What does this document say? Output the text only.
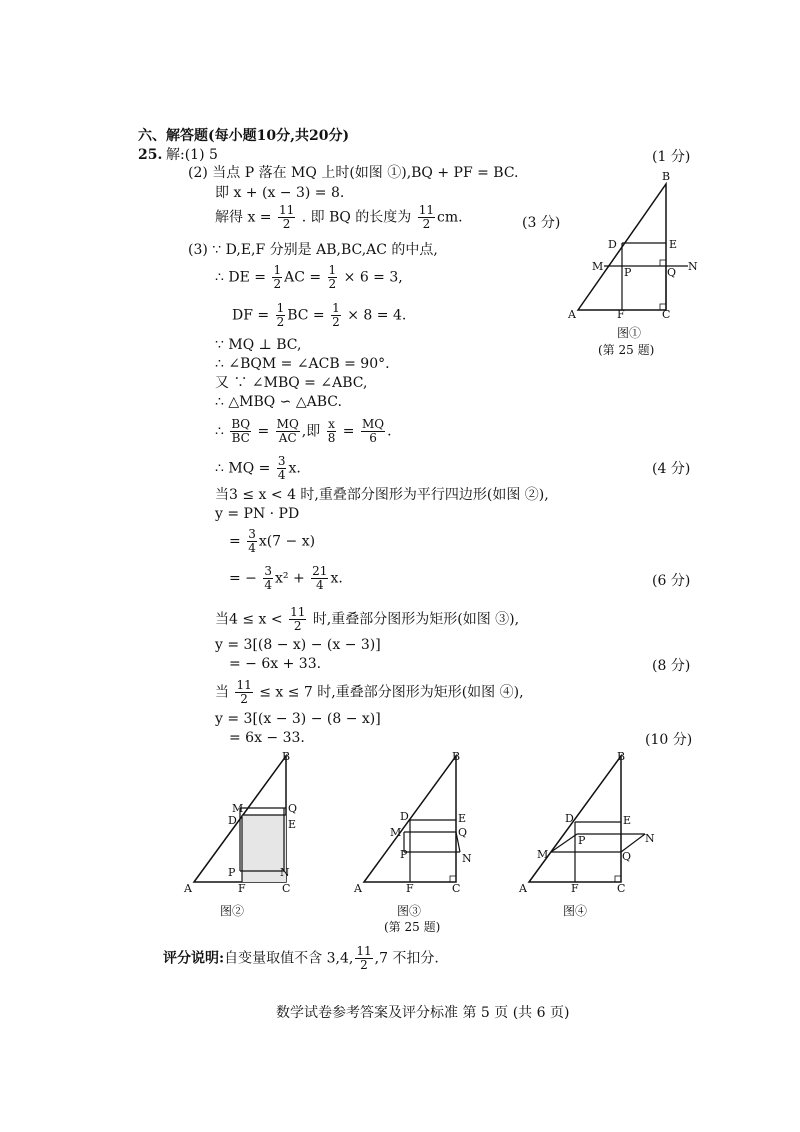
六、解答题(每小题10分,共20分)
25. 解:(1) 5	(1 分)
(2) 当点 P 落在 MQ 上时(如图 ①),BQ + PF = BC.
即 x + (x − 3) = 8.
解得 $x = \frac{11}{2}$ . 即 BQ 的长度为 $\frac{11}{2}$ cm.	(3 分)
(3) ∵ D,E,F 分别是 AB,BC,AC 的中点,
∴ DE = $\frac{1}{2}$ AC = $\frac{1}{2} \times 6 = 3$,
DF = $\frac{1}{2}$ BC = $\frac{1}{2} \times 8 = 4$.
∵ MQ ⊥ BC,
∴ ∠BQM = ∠ACB = 90°.
又 ∵ ∠MBQ = ∠ABC,
∴ △MBQ ∽ △ABC.
∴ $\frac{BQ}{BC} = \frac{MQ}{AC}$ ,即 $\frac{x}{8} = \frac{MQ}{6}$ .
∴ MQ = $\frac{3}{4} x$.	(4 分)
当3 ≤ x < 4 时,重叠部分图形为平行四边形(如图 ②),
y = PN · PD
= $\frac{3}{4} x(7 - x)$
= − $\frac{3}{4} x^2 + \frac{21}{4} x$.	(6 分)
当$4 \le x < \frac{11}{2}$ 时,重叠部分图形为矩形(如图 ③),
y = 3[(8 − x) − (x − 3)]
= − 6x + 33.	(8 分)
当 $\frac{11}{2} \le x \le 7$ 时,重叠部分图形为矩形(如图 ④),
y = 3[(x − 3) − (8 − x)]
= 6x − 33.	(10 分)
B
D	E
M P	Q N
A	F	C
图①
(第 25 题)
B
M	Q
D	E
P	N
A	F	C
图②
B
D	E
M	Q
P	N
A	F	C
图③
(第 25 题)
B
D	E
M
P
Q
N
A	F	C
图④
评分说明:自变量取值不含 3,4, $\frac{11}{2} ,7$ 不扣分.
数学试卷参考答案及评分标准 第 5 页 (共 6 页)
